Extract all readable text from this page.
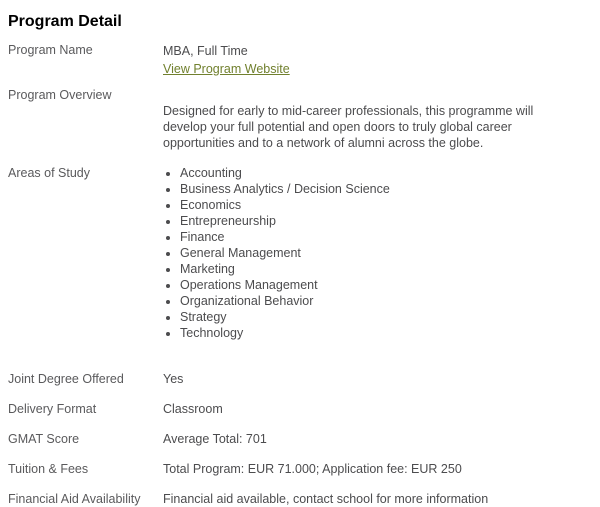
Program Detail
Program Name	MBA, Full Time
View Program Website
Program Overview

Designed for early to mid-career professionals, this programme will develop your full potential and open doors to truly global career opportunities and to a network of alumni across the globe.

Areas of Study	• Accounting
• Business Analytics / Decision Science
• Economics
• Entrepreneurship
• Finance
• General Management
• Marketing
• Operations Management
• Organizational Behavior
• Strategy
• Technology
Joint Degree Offered	Yes
Delivery Format	Classroom
GMAT Score	Average Total: 701
Tuition & Fees	Total Program: EUR 71.000; Application fee: EUR 250
Financial Aid Availability	Financial aid available, contact school for more information
